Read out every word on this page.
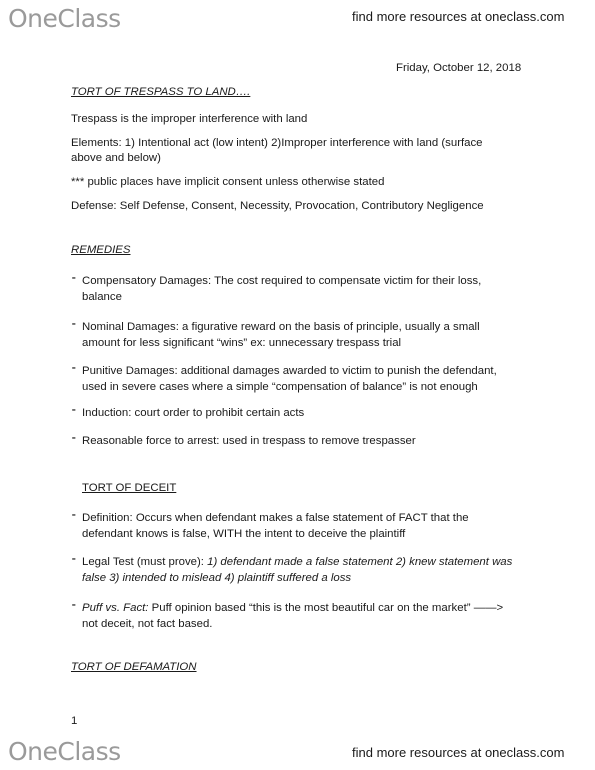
OneClass	find more resources at oneclass.com
Friday, October 12, 2018
TORT OF TRESPASS TO LAND….
Trespass is the improper interference with land
Elements: 1) Intentional act (low intent) 2)Improper interference with land (surface
above and below)
*** public places have implicit consent unless otherwise stated
Defense: Self Defense, Consent, Necessity, Provocation, Contributory Negligence
REMEDIES
⁃ Compensatory Damages: The cost required to compensate victim for their loss,
balance
⁃ Nominal Damages: a figurative reward on the basis of principle, usually a small
amount for less significant “wins” ex: unnecessary trespass trial
⁃ Punitive Damages: additional damages awarded to victim to punish the defendant,
used in severe cases where a simple “compensation of balance” is not enough
⁃ Induction: court order to prohibit certain acts
⁃ Reasonable force to arrest: used in trespass to remove trespasser
TORT OF DECEIT
⁃ Definition: Occurs when defendant makes a false statement of FACT that the
defendant knows is false, WITH the intent to deceive the plaintiff
⁃ Legal Test (must prove): 1) defendant made a false statement 2) knew statement was
false 3) intended to mislead 4) plaintiff suffered a loss
⁃ Puff vs. Fact: Puff opinion based “this is the most beautiful car on the market” ——>
not deceit, not fact based.
TORT OF DEFAMATION
1
OneClass	find more resources at oneclass.com
